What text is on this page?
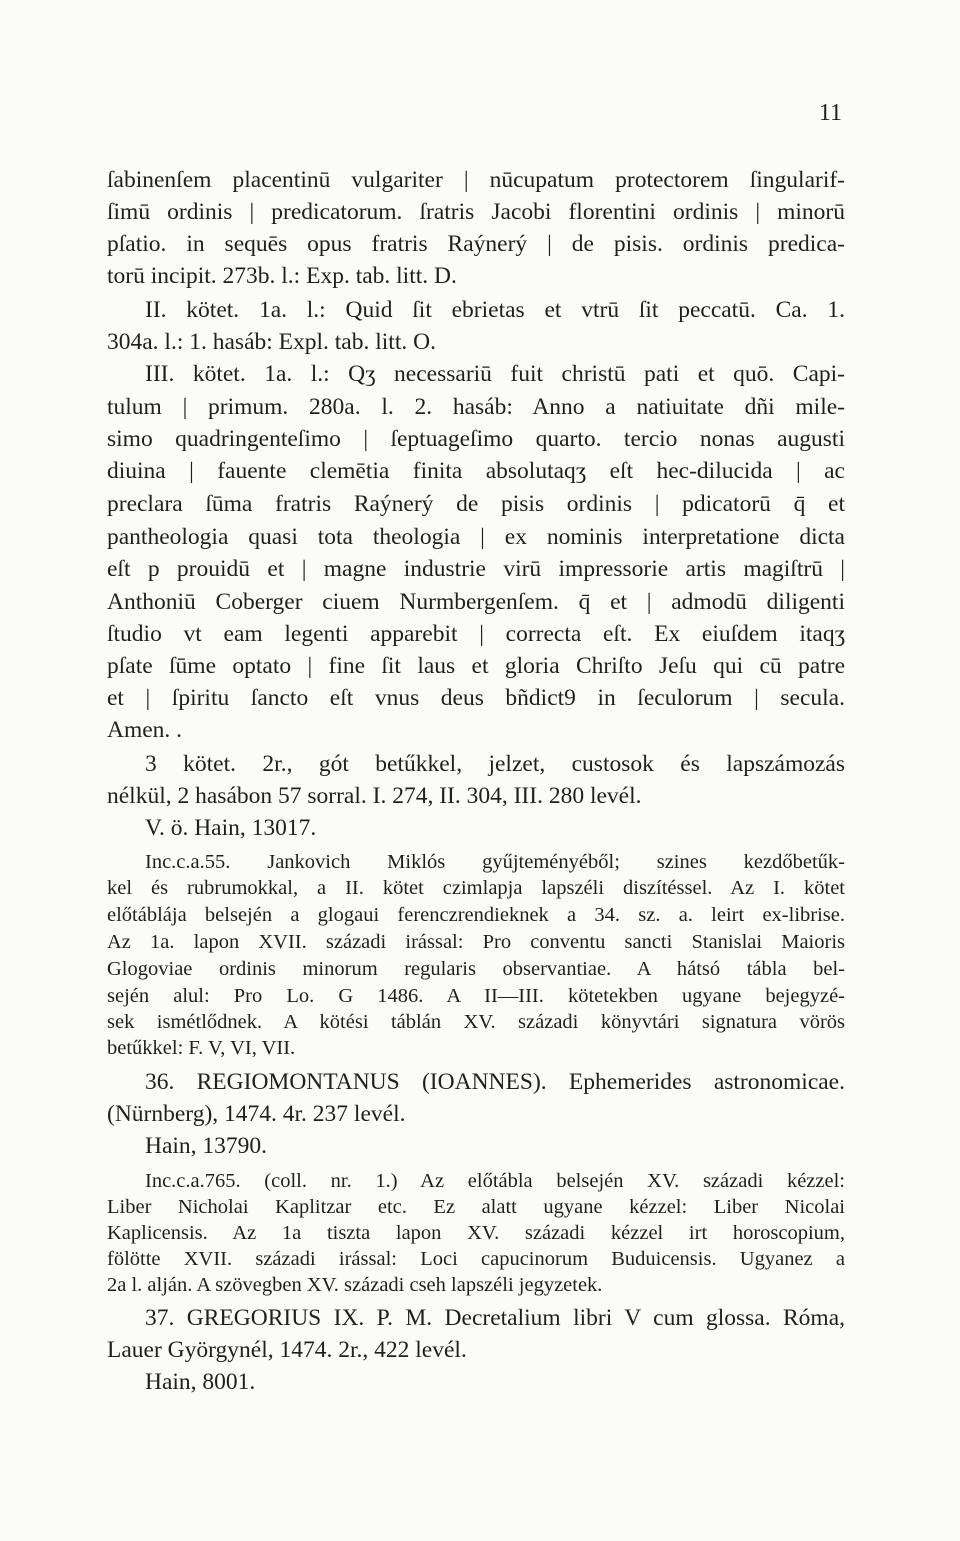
11
ſabinenſem placentinū vulgariter | nūcupatum protectorem ſingularif-
ſimū ordinis | predicatorum. ſratris Jacobi florentini ordinis | minorū
pſatio. in sequēs opus fratris Raýnerý | de pisis. ordinis predica-
torū incipit. 273b. l.: Exp. tab. litt. D.
II. kötet. 1a. l.: Quid ſit ebrietas et vtrū ſit peccatū. Ca. 1.
304a. l.: 1. hasáb: Expl. tab. litt. O.
III. kötet. 1a. l.: Qʒ necessariū fuit christū pati et quō. Capi-
tulum | primum. 280a. l. 2. hasáb: Anno a natiuitate dñi mile-
simo quadringenteſimo | ſeptuageſimo quarto. tercio nonas augusti
diuina | fauente clemētia finita absolutaqʒ eſt hec-dilucida | ac
preclara ſūma fratris Raýnerý de pisis ordinis | pdicatorū q̄ et
pantheologia quasi tota theologia | ex nominis interpretatione dicta
eſt p prouidū et | magne industrie virū impressorie artis magiſtrū |
Anthoniū Coberger ciuem Nurmbergenſem. q̄ et | admodū diligenti
ſtudio vt eam legenti apparebit | correcta eſt. Ex eiuſdem itaqʒ
pſate ſūme optato | fine ſit laus et gloria Chriſto Jeſu qui cū patre
et | ſpiritu ſancto eſt vnus deus bñdict9 in ſeculorum | secula.
Amen. .
3 kötet. 2r., gót betűkkel, jelzet, custosok és lapszámozás
nélkül, 2 hasábon 57 sorral. I. 274, II. 304, III. 280 levél.
V. ö. Hain, 13017.
Inc.c.a.55. Jankovich Miklós gyűjteményéből; szines kezdőbetűk-
kel és rubrumokkal, a II. kötet czimlapja lapszéli diszítéssel. Az I. kötet
előtáblája belsején a glogaui ferenczrendieknek a 34. sz. a. leirt ex-librise.
Az 1a. lapon XVII. századi irással: Pro conventu sancti Stanislai Maioris
Glogoviae ordinis minorum regularis observantiae. A hátsó tábla bel-
sején alul: Pro Lo. G 1486. A II—III. kötetekben ugyane bejegyzé-
sek ismétlődnek. A kötési táblán XV. századi könyvtári signatura vörös
betűkkel: F. V, VI, VII.
36. REGIOMONTANUS (IOANNES). Ephemerides astronomicae.
(Nürnberg), 1474. 4r. 237 levél.
Hain, 13790.
Inc.c.a.765. (coll. nr. 1.) Az előtábla belsején XV. századi kézzel:
Liber Nicholai Kaplitzar etc. Ez alatt ugyane kézzel: Liber Nicolai
Kaplicensis. Az 1a tiszta lapon XV. századi kézzel irt horoscopium,
fölötte XVII. századi irással: Loci capucinorum Buduicensis. Ugyanez a
2a l. alján. A szövegben XV. századi cseh lapszéli jegyzetek.
37. GREGORIUS IX. P. M. Decretalium libri V cum glossa. Róma,
Lauer Györgynél, 1474. 2r., 422 levél.
Hain, 8001.
